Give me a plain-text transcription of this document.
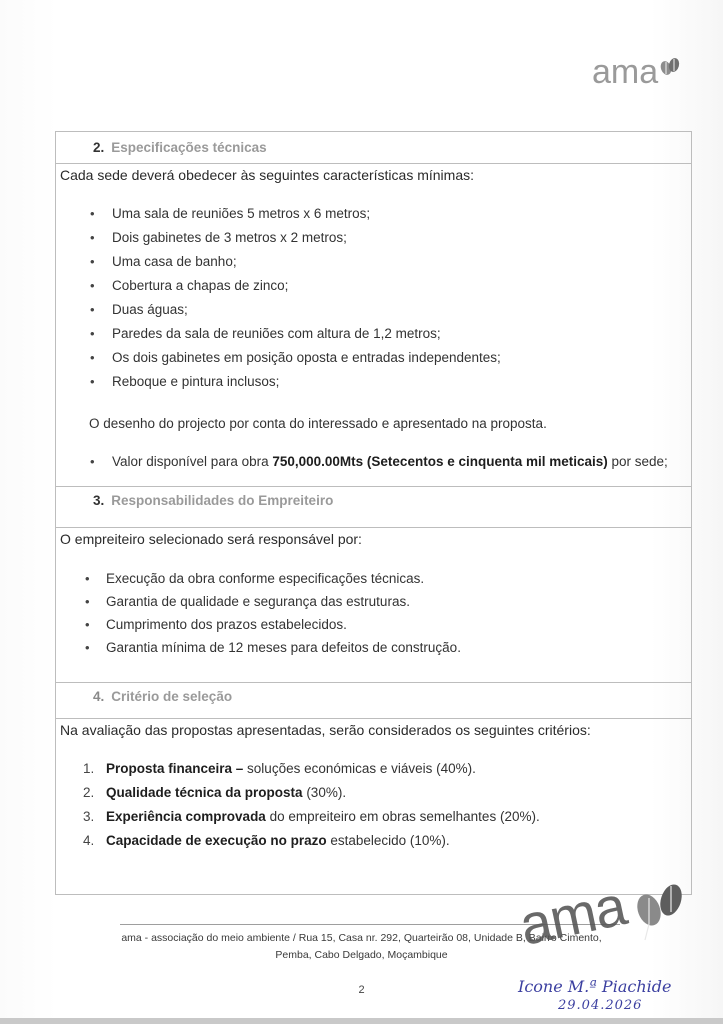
ama
2. Especificações técnicas
Cada sede deverá obedecer às seguintes características mínimas:
• Uma sala de reuniões 5 metros x 6 metros;
• Dois gabinetes de 3 metros x 2 metros;
• Uma casa de banho;
• Cobertura a chapas de zinco;
• Duas águas;
• Paredes da sala de reuniões com altura de 1,2 metros;
• Os dois gabinetes em posição oposta e entradas independentes;
• Reboque e pintura inclusos;
O desenho do projecto por conta do interessado e apresentado na proposta.
• Valor disponível para obra 750,000.00Mts (Setecentos e cinquenta mil meticais) por sede;
3. Responsabilidades do Empreiteiro
O empreiteiro selecionado será responsável por:
• Execução da obra conforme especificações técnicas.
• Garantia de qualidade e segurança das estruturas.
• Cumprimento dos prazos estabelecidos.
• Garantia mínima de 12 meses para defeitos de construção.
4. Critério de seleção
Na avaliação das propostas apresentadas, serão considerados os seguintes critérios:
1. Proposta financeira – soluções económicas e viáveis (40%).
2. Qualidade técnica da proposta (30%).
3. Experiência comprovada do empreiteiro em obras semelhantes (20%).
4. Capacidade de execução no prazo estabelecido (10%).
ama - associação do meio ambiente / Rua 15, Casa nr. 292, Quarteirão 08, Unidade B, Bairro Cimento,
Pemba, Cabo Delgado, Moçambique
2
ama
Icone M.ª Piachide
29.04.2026
